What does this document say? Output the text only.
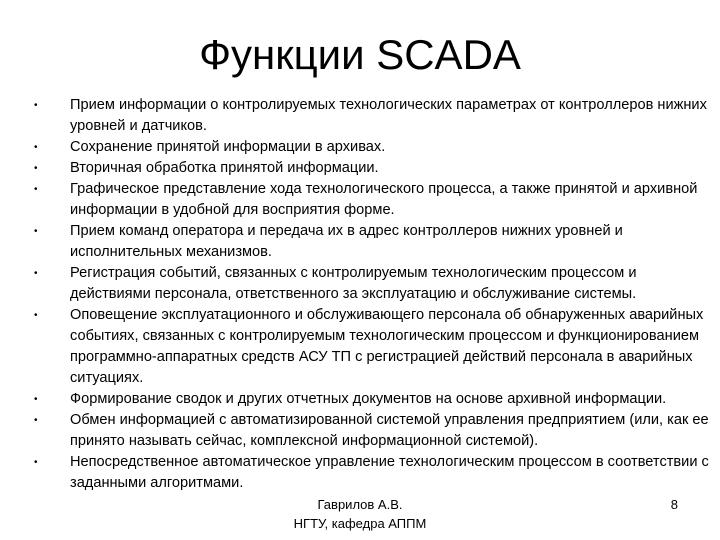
Функции SCADA
•	Прием информации о контролируемых технологических параметрах от контроллеров нижних уровней и датчиков.
•	Сохранение принятой информации в архивах.
•	Вторичная обработка принятой информации.
•	Графическое представление хода технологического процесса, а также принятой и архивной информации в удобной для восприятия форме.
•	Прием команд оператора и передача их в адрес контроллеров нижних уровней и исполнительных механизмов.
•	Регистрация событий, связанных с контролируемым технологическим процессом и действиями персонала, ответственного за эксплуатацию и обслуживание системы.
•	Оповещение эксплуатационного и обслуживающего персонала об обнаруженных аварийных событиях, связанных с контролируемым технологическим процессом и функционированием программно-аппаратных средств АСУ ТП с регистрацией действий персонала в аварийных ситуациях.
•	Формирование сводок и других отчетных документов на основе архивной информации.
•	Обмен информацией с автоматизированной системой управления предприятием (или, как ее принято называть сейчас, комплексной информационной системой).
•	Непосредственное автоматическое управление технологическим процессом в соответствии с заданными алгоритмами.
Гаврилов А.В.
НГТУ, кафедра АППМ
8
